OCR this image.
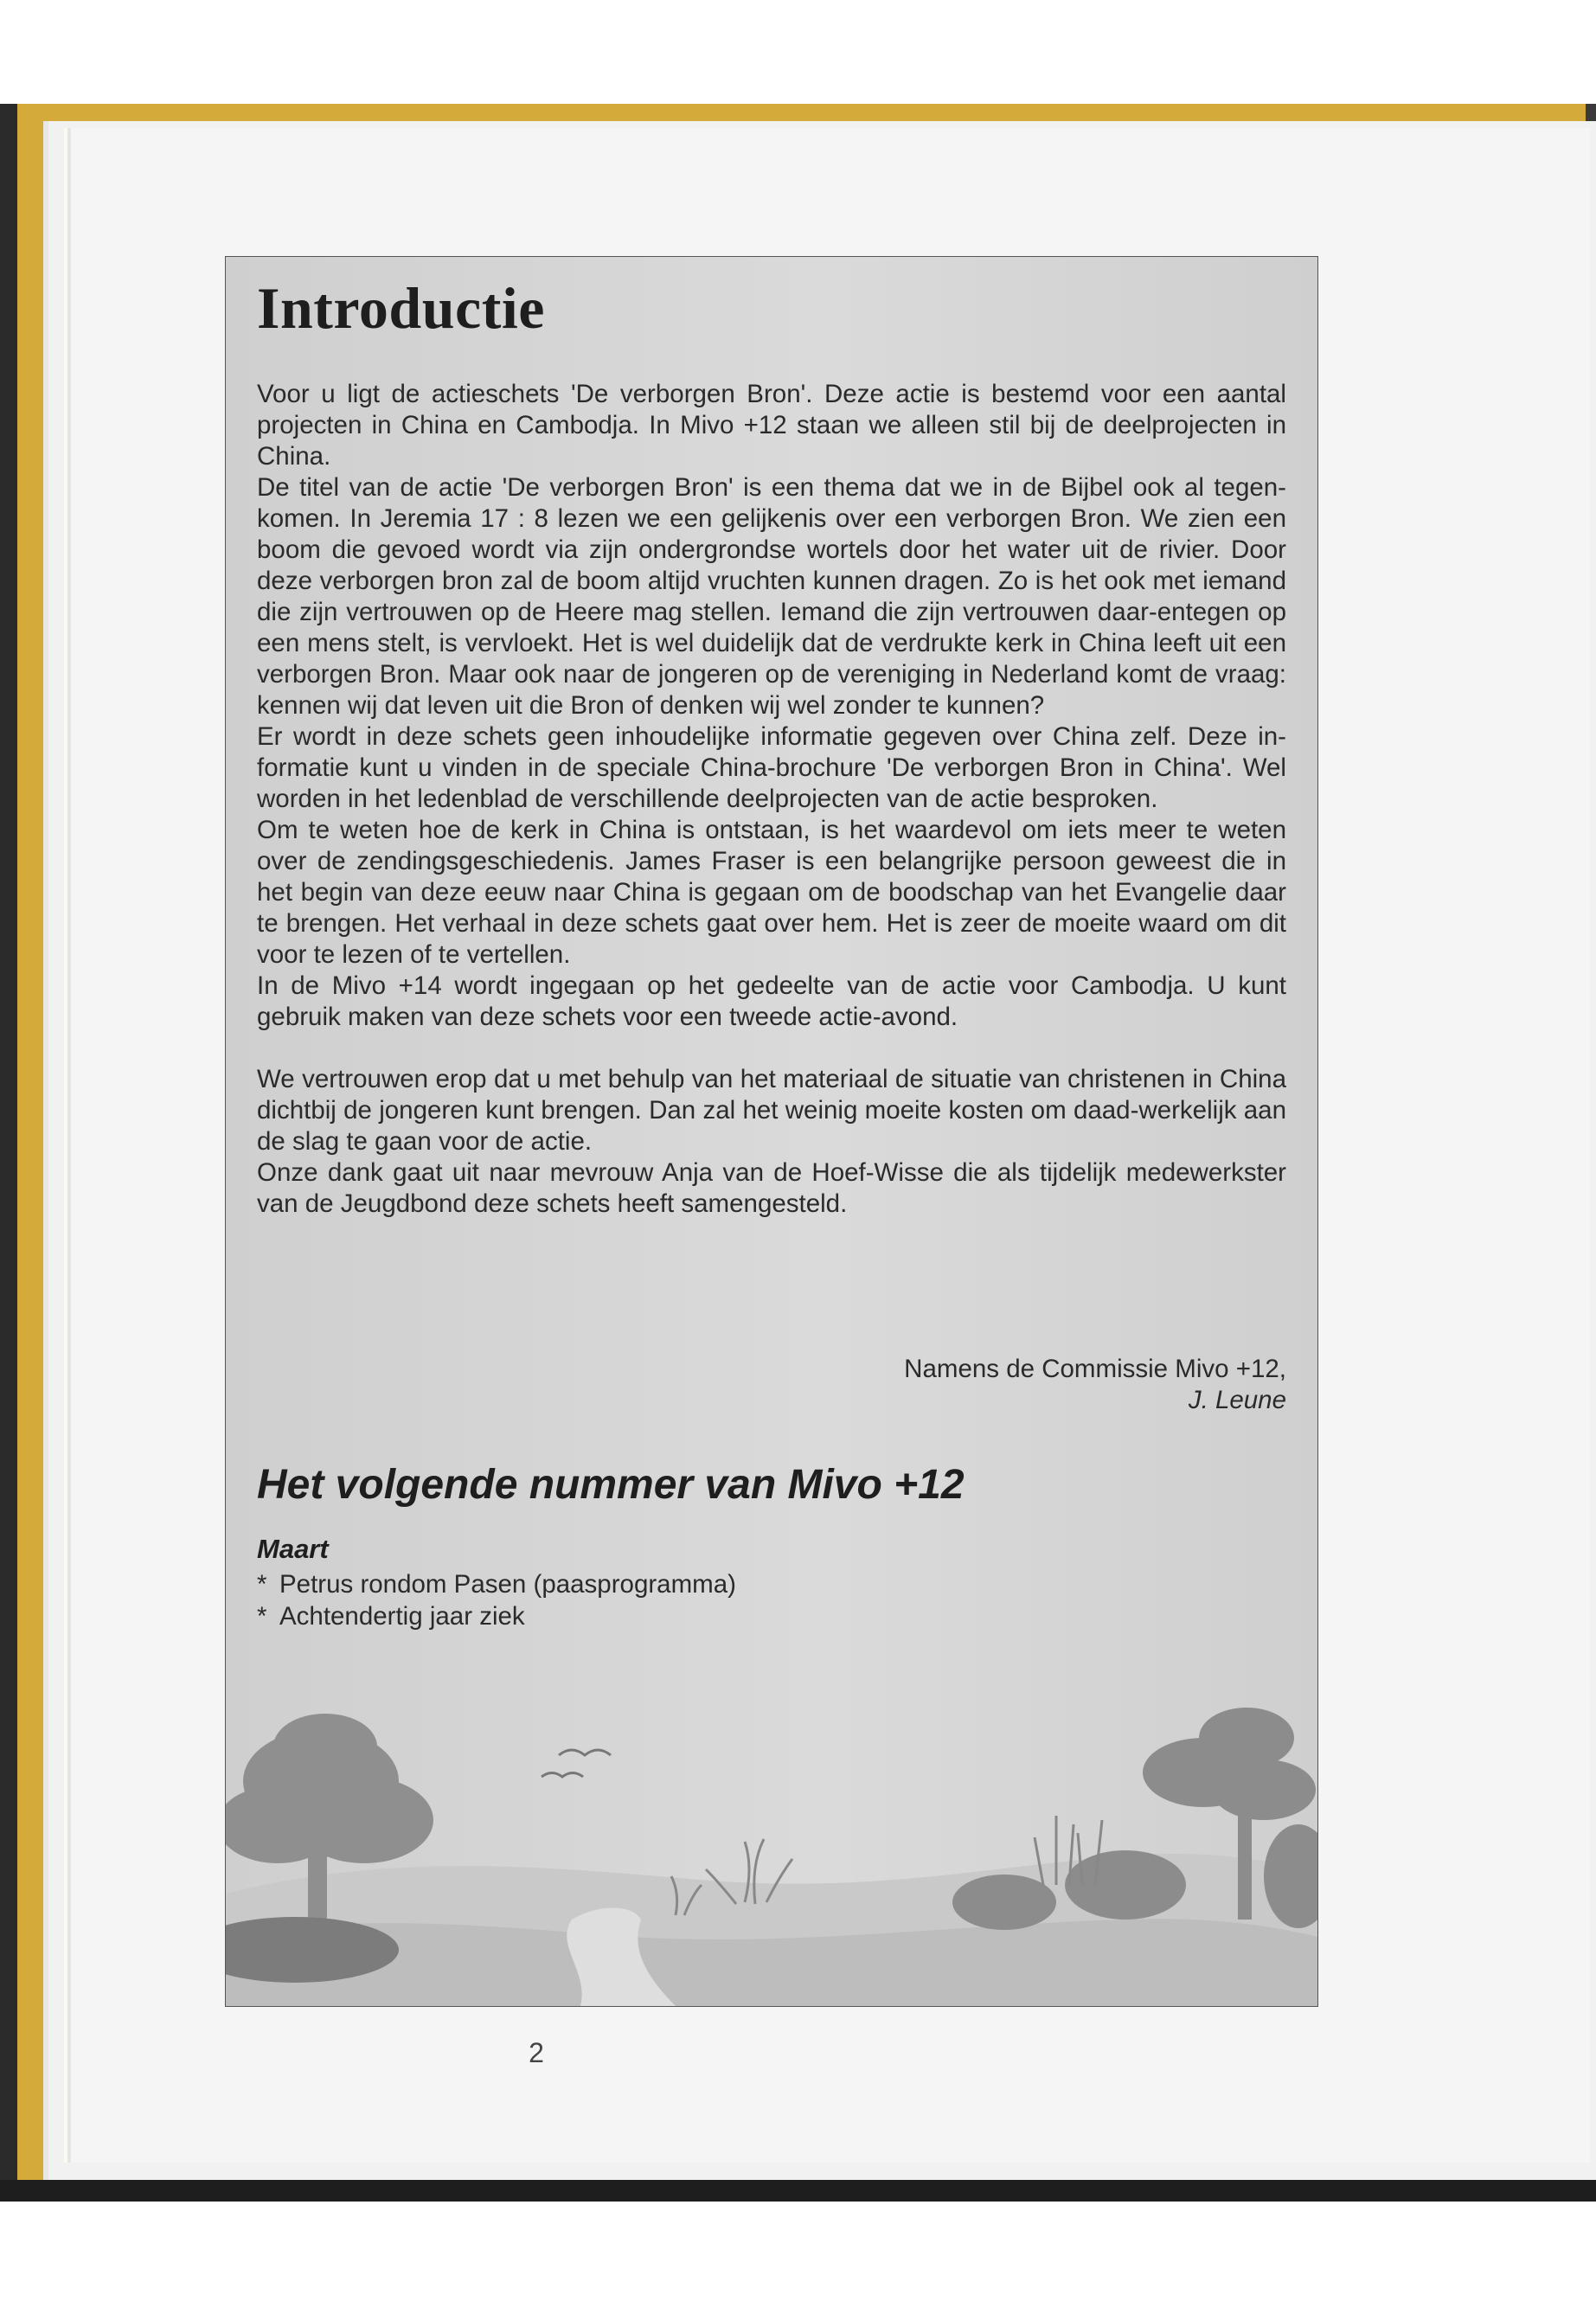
Introductie

Voor u ligt de actieschets 'De verborgen Bron'. Deze actie is bestemd voor een aantal projecten in China en Cambodja. In Mivo +12 staan we alleen stil bij de deelprojecten in China.

De titel van de actie 'De verborgen Bron' is een thema dat we in de Bijbel ook al tegen-komen. In Jeremia 17 : 8 lezen we een gelijkenis over een verborgen Bron. We zien een boom die gevoed wordt via zijn ondergrondse wortels door het water uit de rivier. Door deze verborgen bron zal de boom altijd vruchten kunnen dragen. Zo is het ook met iemand die zijn vertrouwen op de Heere mag stellen. Iemand die zijn vertrouwen daar-entegen op een mens stelt, is vervloekt. Het is wel duidelijk dat de verdrukte kerk in China leeft uit een verborgen Bron. Maar ook naar de jongeren op de vereniging in Nederland komt de vraag: kennen wij dat leven uit die Bron of denken wij wel zonder te kunnen?

Er wordt in deze schets geen inhoudelijke informatie gegeven over China zelf. Deze in-formatie kunt u vinden in de speciale China-brochure 'De verborgen Bron in China'. Wel worden in het ledenblad de verschillende deelprojecten van de actie besproken.

Om te weten hoe de kerk in China is ontstaan, is het waardevol om iets meer te weten over de zendingsgeschiedenis. James Fraser is een belangrijke persoon geweest die in het begin van deze eeuw naar China is gegaan om de boodschap van het Evangelie daar te brengen. Het verhaal in deze schets gaat over hem. Het is zeer de moeite waard om dit voor te lezen of te vertellen.

In de Mivo +14 wordt ingegaan op het gedeelte van de actie voor Cambodja. U kunt gebruik maken van deze schets voor een tweede actie-avond.

We vertrouwen erop dat u met behulp van het materiaal de situatie van christenen in China dichtbij de jongeren kunt brengen. Dan zal het weinig moeite kosten om daad-werkelijk aan de slag te gaan voor de actie.

Onze dank gaat uit naar mevrouw Anja van de Hoef-Wisse die als tijdelijk medewerkster van de Jeugdbond deze schets heeft samengesteld.

Namens de Commissie Mivo +12,
J. Leune
Het volgende nummer van Mivo +12
Maart
* Petrus rondom Pasen (paasprogramma)
* Achtendertig jaar ziek
2
